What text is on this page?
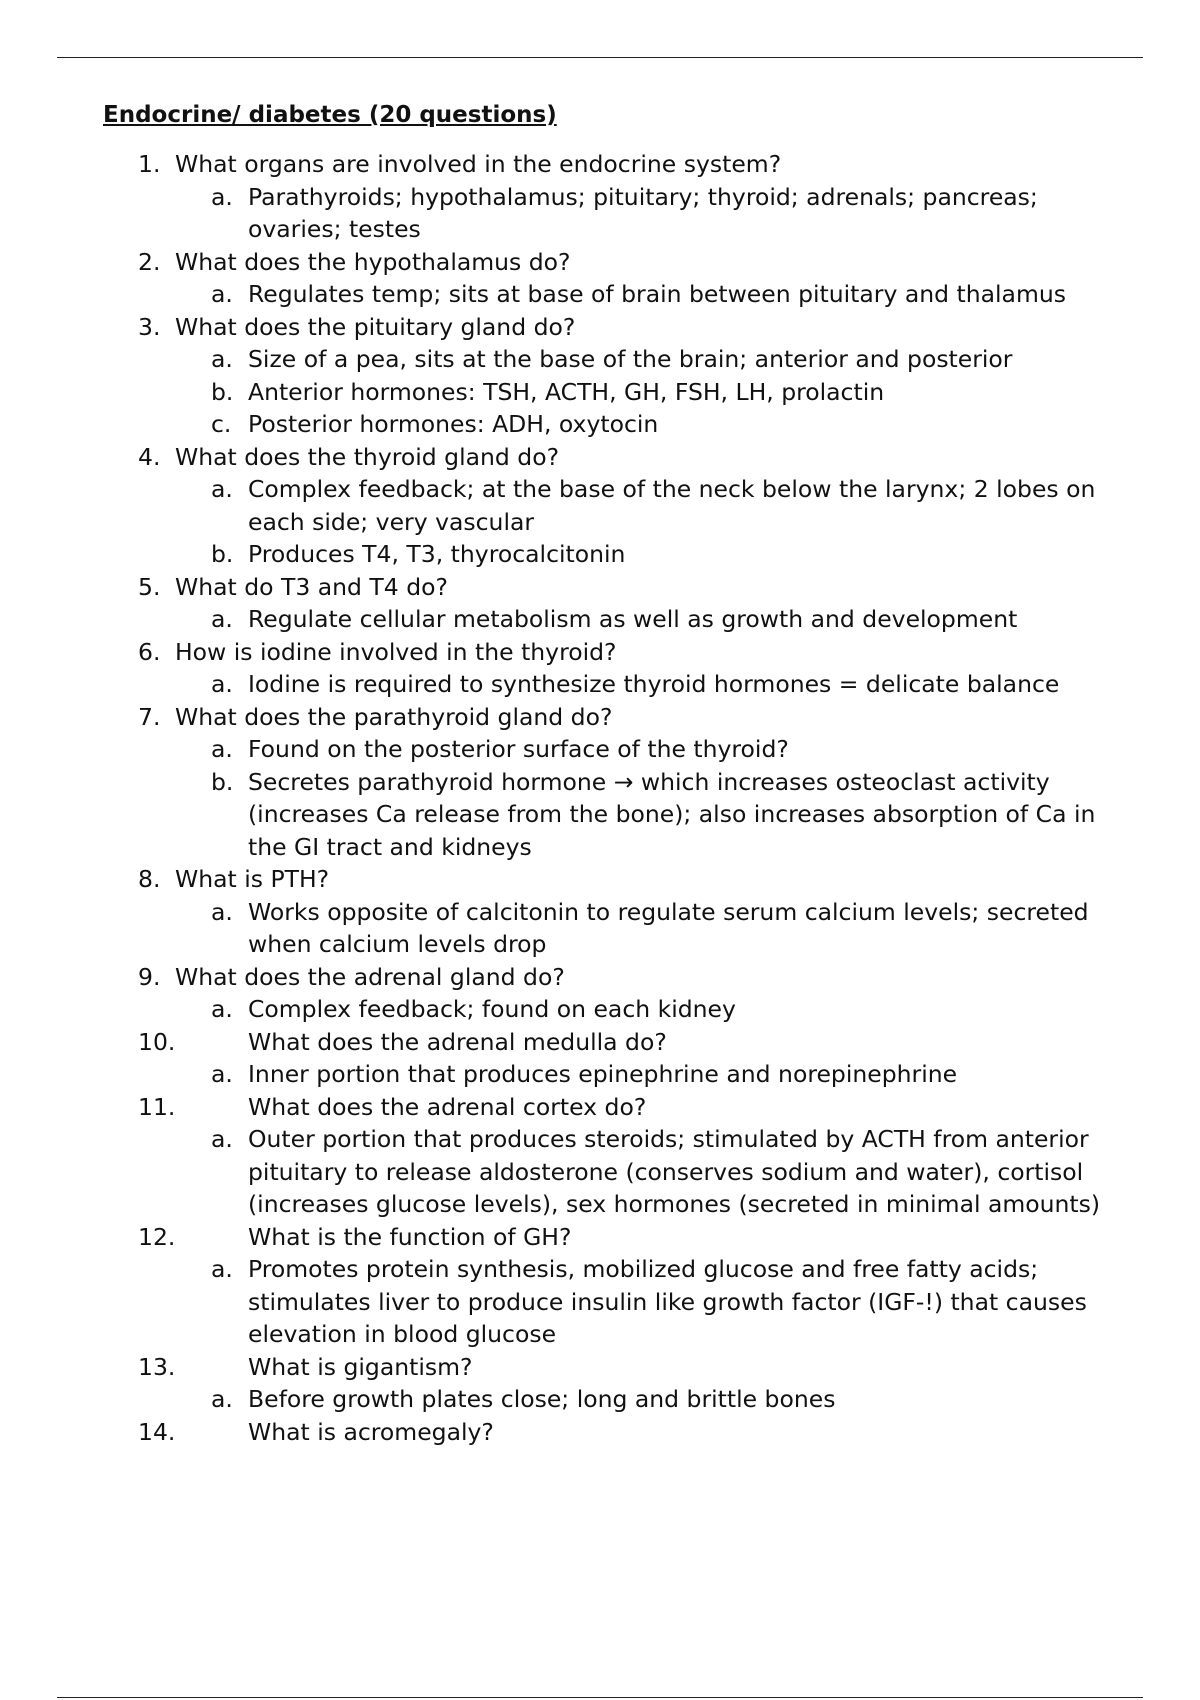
Endocrine/ diabetes (20 questions)
1. What organs are involved in the endocrine system?
a. Parathyroids; hypothalamus; pituitary; thyroid; adrenals; pancreas;
ovaries; testes
2. What does the hypothalamus do?
a. Regulates temp; sits at base of brain between pituitary and thalamus
3. What does the pituitary gland do?
a. Size of a pea, sits at the base of the brain; anterior and posterior
b. Anterior hormones: TSH, ACTH, GH, FSH, LH, prolactin
c. Posterior hormones: ADH, oxytocin
4. What does the thyroid gland do?
a. Complex feedback; at the base of the neck below the larynx; 2 lobes on
each side; very vascular
b. Produces T4, T3, thyrocalcitonin
5. What do T3 and T4 do?
a. Regulate cellular metabolism as well as growth and development
6. How is iodine involved in the thyroid?
a. Iodine is required to synthesize thyroid hormones = delicate balance
7. What does the parathyroid gland do?
a. Found on the posterior surface of the thyroid?
b. Secretes parathyroid hormone → which increases osteoclast activity
(increases Ca release from the bone); also increases absorption of Ca in
the GI tract and kidneys
8. What is PTH?
a. Works opposite of calcitonin to regulate serum calcium levels; secreted
when calcium levels drop
9. What does the adrenal gland do?
a. Complex feedback; found on each kidney
10.	What does the adrenal medulla do?
a. Inner portion that produces epinephrine and norepinephrine
11.	What does the adrenal cortex do?
a. Outer portion that produces steroids; stimulated by ACTH from anterior
pituitary to release aldosterone (conserves sodium and water), cortisol
(increases glucose levels), sex hormones (secreted in minimal amounts)
12.	What is the function of GH?
a. Promotes protein synthesis, mobilized glucose and free fatty acids;
stimulates liver to produce insulin like growth factor (IGF-!) that causes
elevation in blood glucose
13.	What is gigantism?
a. Before growth plates close; long and brittle bones
14.	What is acromegaly?
